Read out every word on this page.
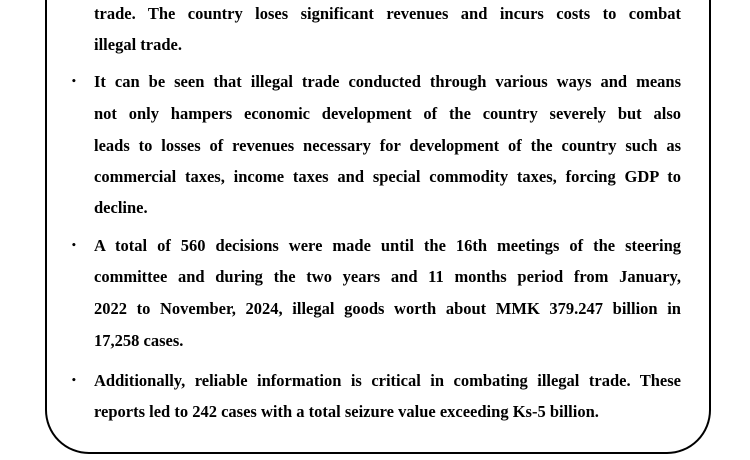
trade. The country loses significant revenues and incurs costs to combat
illegal trade.
• It can be seen that illegal trade conducted through various ways and means
not only hampers economic development of the country severely but also
leads to losses of revenues necessary for development of the country such as
commercial taxes, income taxes and special commodity taxes, forcing GDP to
decline.
• A total of 560 decisions were made until the 16th meetings of the steering
committee and during the two years and 11 months period from January,
2022 to November, 2024, illegal goods worth about MMK 379.247 billion in
17,258 cases.
• Additionally, reliable information is critical in combating illegal trade. These
reports led to 242 cases with a total seizure value exceeding Ks-5 billion.
